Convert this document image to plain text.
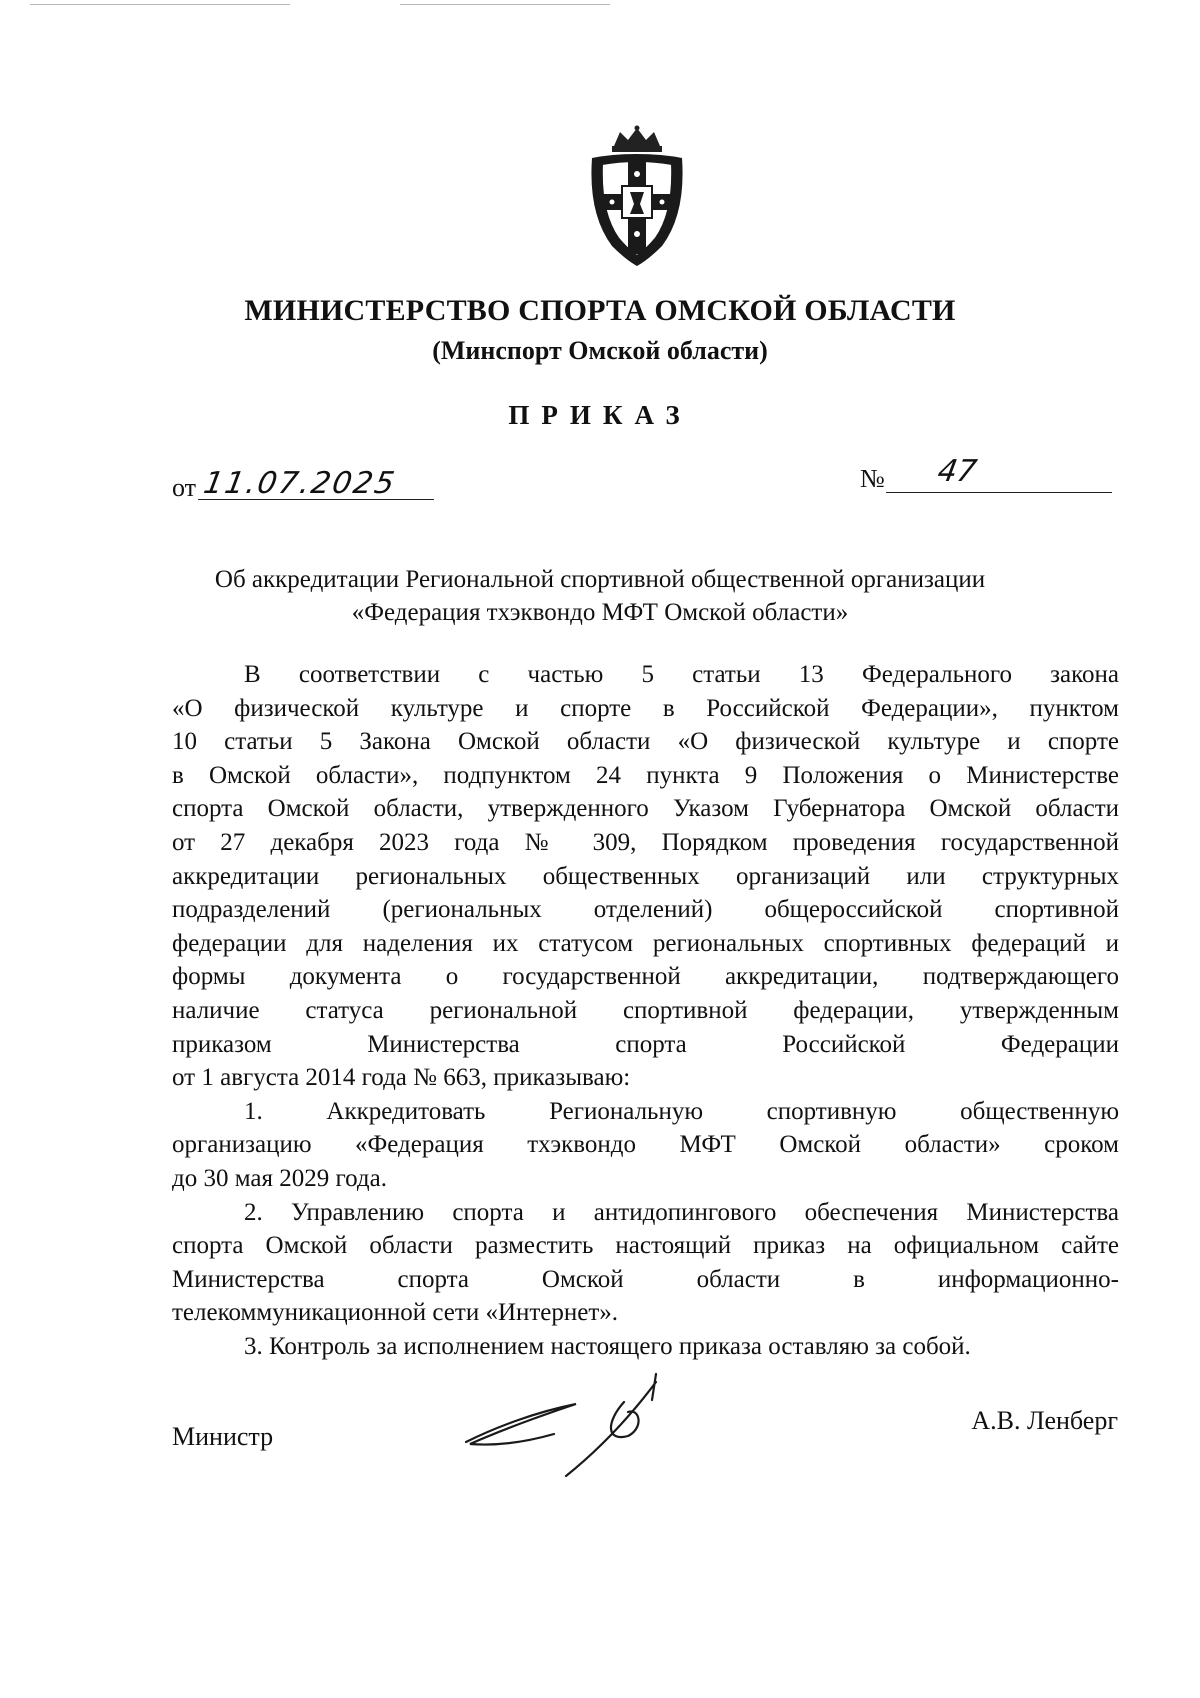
МИНИСТЕРСТВО СПОРТА ОМСКОЙ ОБЛАСТИ
(Минспорт Омской области)
ПРИКАЗ
от 11.07.2025	№ 47
Об аккредитации Региональной спортивной общественной организации
«Федерация тхэквондо МФТ Омской области»
В соответствии с частью 5 статьи 13 Федерального закона
«О физической культуре и спорте в Российской Федерации», пунктом
10 статьи 5 Закона Омской области «О физической культуре и спорте
в Омской области», подпунктом 24 пункта 9 Положения о Министерстве
спорта Омской области, утвержденного Указом Губернатора Омской области
от 27 декабря 2023 года № 309, Порядком проведения государственной
аккредитации региональных общественных организаций или структурных
подразделений (региональных отделений) общероссийской спортивной
федерации для наделения их статусом региональных спортивных федераций и
формы документа о государственной аккредитации, подтверждающего
наличие статуса региональной спортивной федерации, утвержденным
приказом Министерства спорта Российской Федерации
от 1 августа 2014 года № 663, приказываю:
1. Аккредитовать Региональную спортивную общественную
организацию «Федерация тхэквондо МФТ Омской области» сроком
до 30 мая 2029 года.
2. Управлению спорта и антидопингового обеспечения Министерства
спорта Омской области разместить настоящий приказ на официальном сайте
Министерства спорта Омской области в информационно-
телекоммуникационной сети «Интернет».
3. Контроль за исполнением настоящего приказа оставляю за собой.
Министр
А.В. Ленберг
